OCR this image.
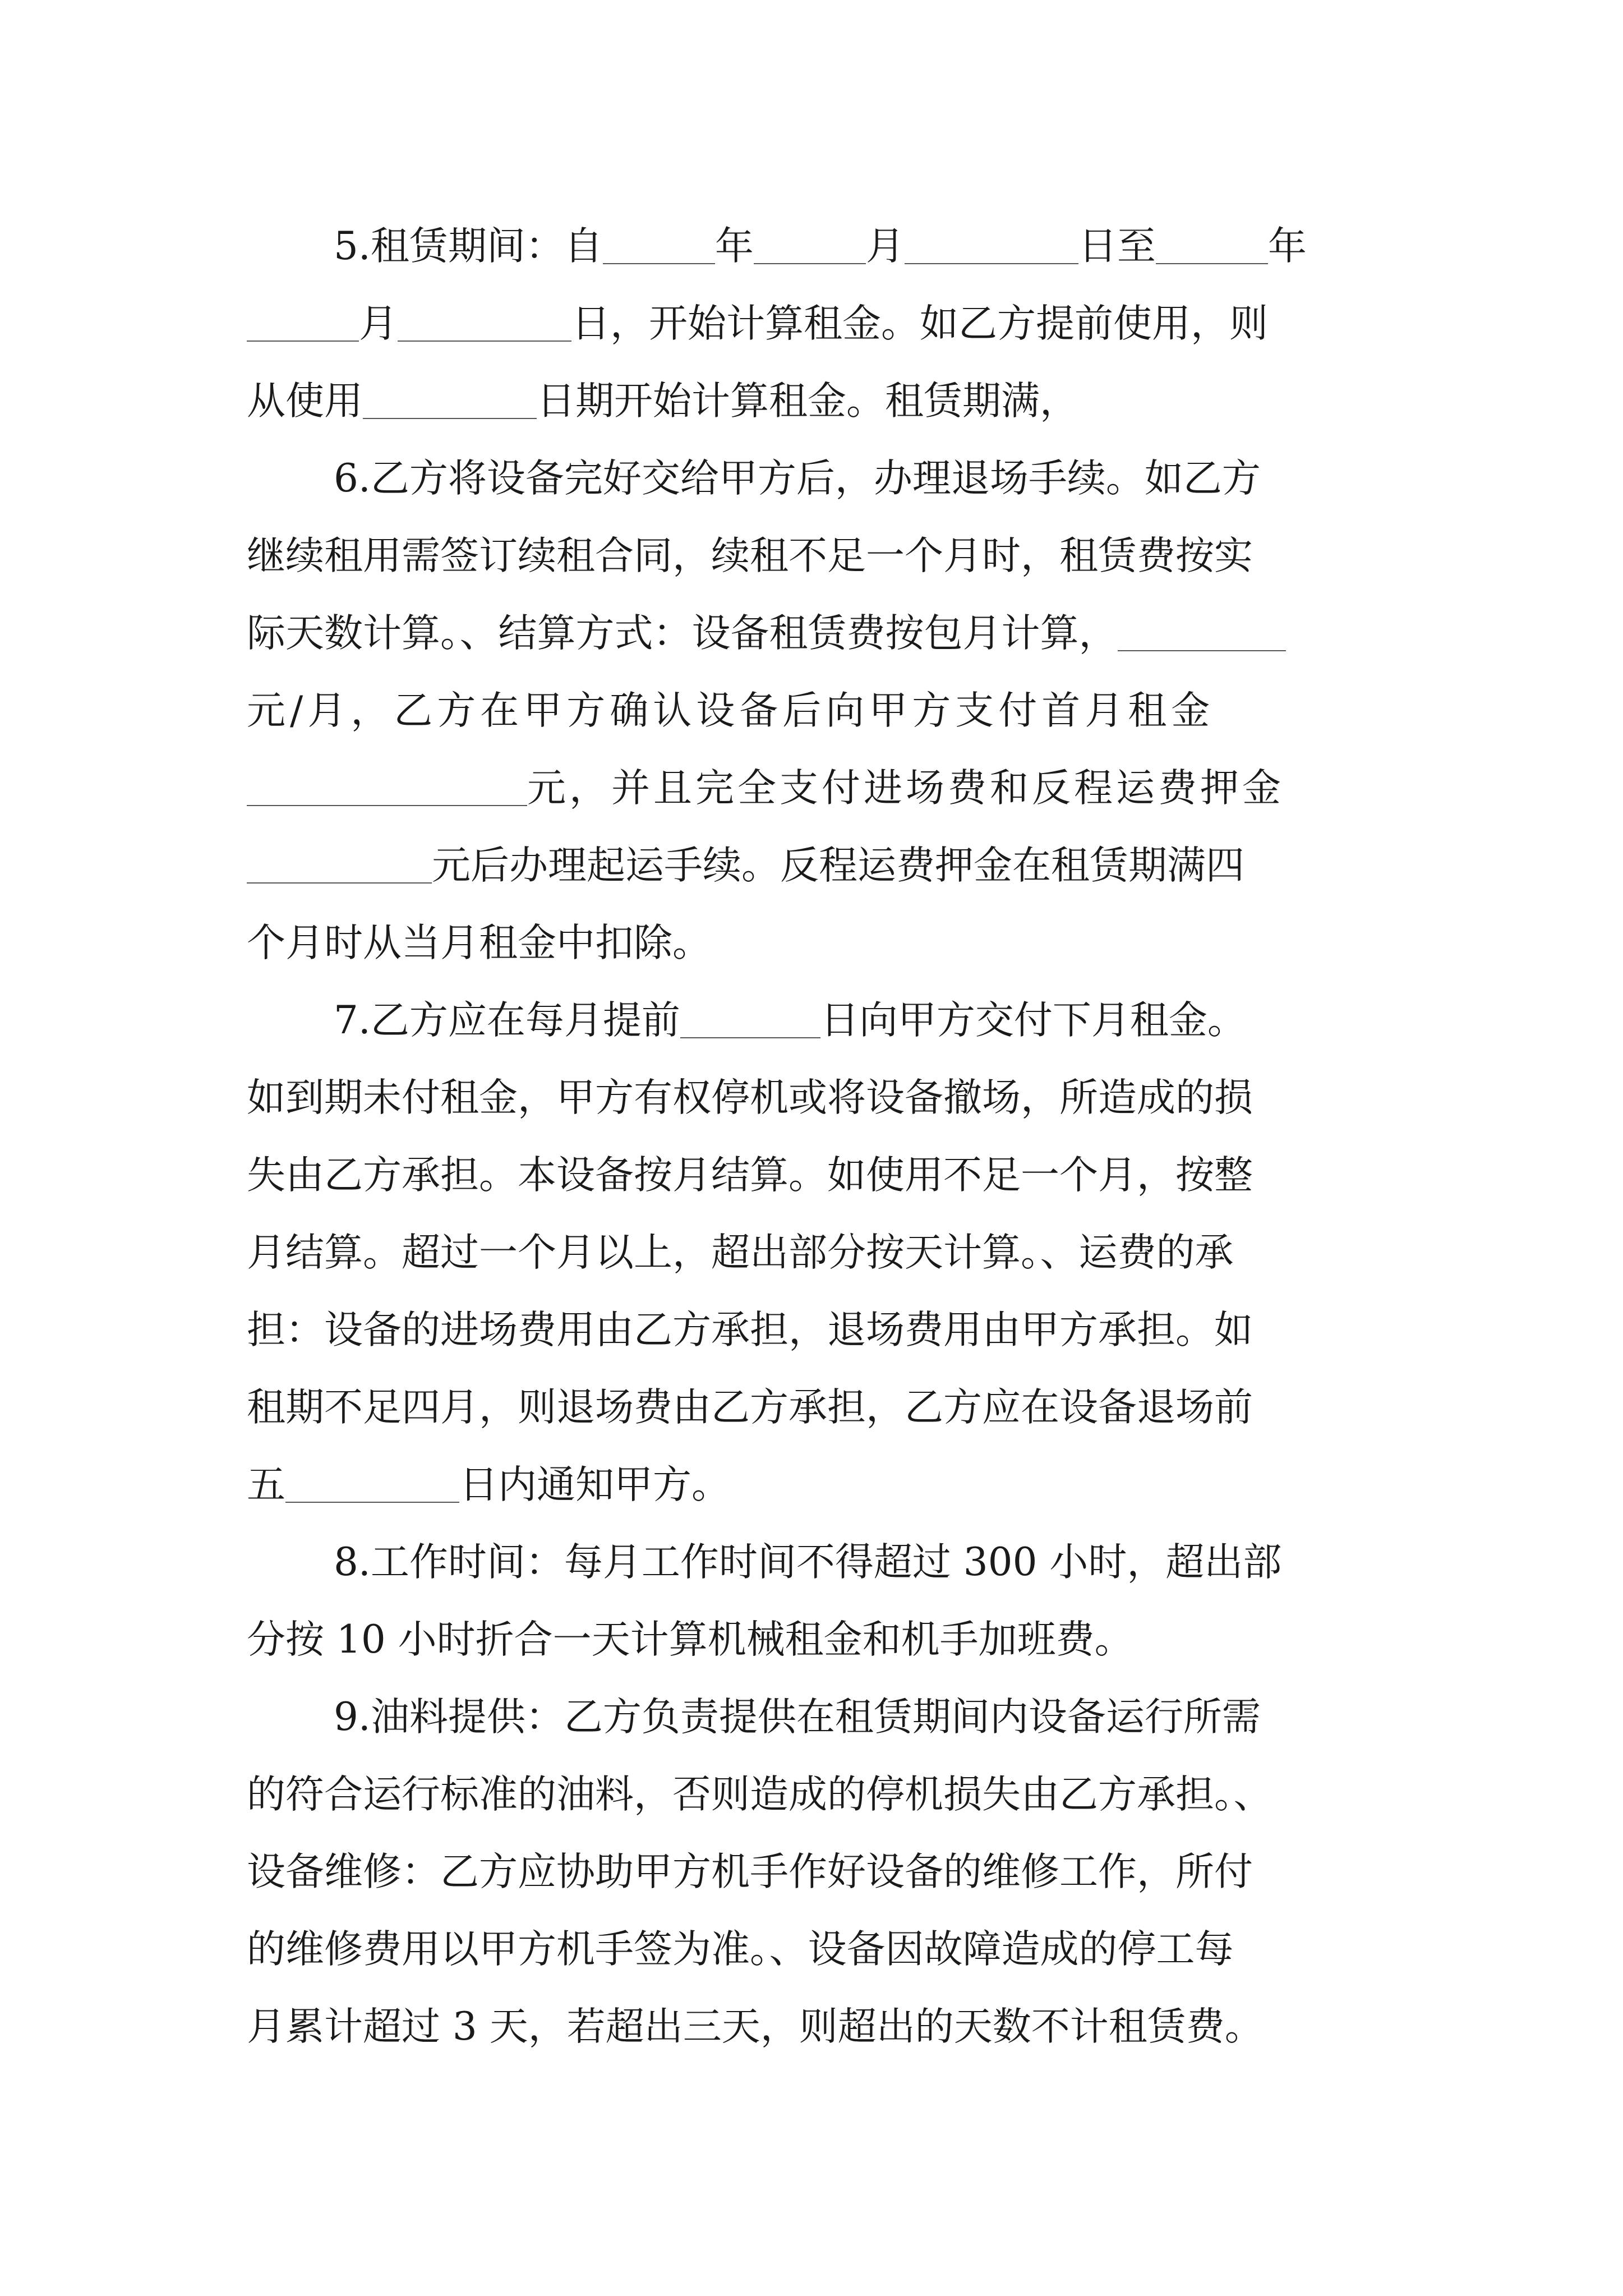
5.租赁期间：自	年	月	日至	年
月	日，开始计算租金。如乙方提前使用，则
从使用	日期开始计算租金。租赁期满，
6.乙方将设备完好交给甲方后，办理退场手续。如乙方
继续租用需签订续租合同，续租不足一个月时，租赁费按实
际天数计算。、结算方式：设备租赁费按包月计算，
元/月，乙方在甲方确认设备后向甲方支付首月租金
元，并且完全支付进场费和反程运费押金
元后办理起运手续。反程运费押金在租赁期满四
个月时从当月租金中扣除。
7.乙方应在每月提前	日向甲方交付下月租金。
如到期未付租金，甲方有权停机或将设备撤场，所造成的损
失由乙方承担。本设备按月结算。如使用不足一个月，按整
月结算。超过一个月以上，超出部分按天计算。、运费的承
担：设备的进场费用由乙方承担，退场费用由甲方承担。如
租期不足四月，则退场费由乙方承担，乙方应在设备退场前
五	日内通知甲方。
8.工作时间：每月工作时间不得超过 300 小时，超出部
分按 10 小时折合一天计算机械租金和机手加班费。
9.油料提供：乙方负责提供在租赁期间内设备运行所需
的符合运行标准的油料，否则造成的停机损失由乙方承担。、
设备维修：乙方应协助甲方机手作好设备的维修工作，所付
的维修费用以甲方机手签为准。、设备因故障造成的停工每
月累计超过 3 天，若超出三天，则超出的天数不计租赁费。
